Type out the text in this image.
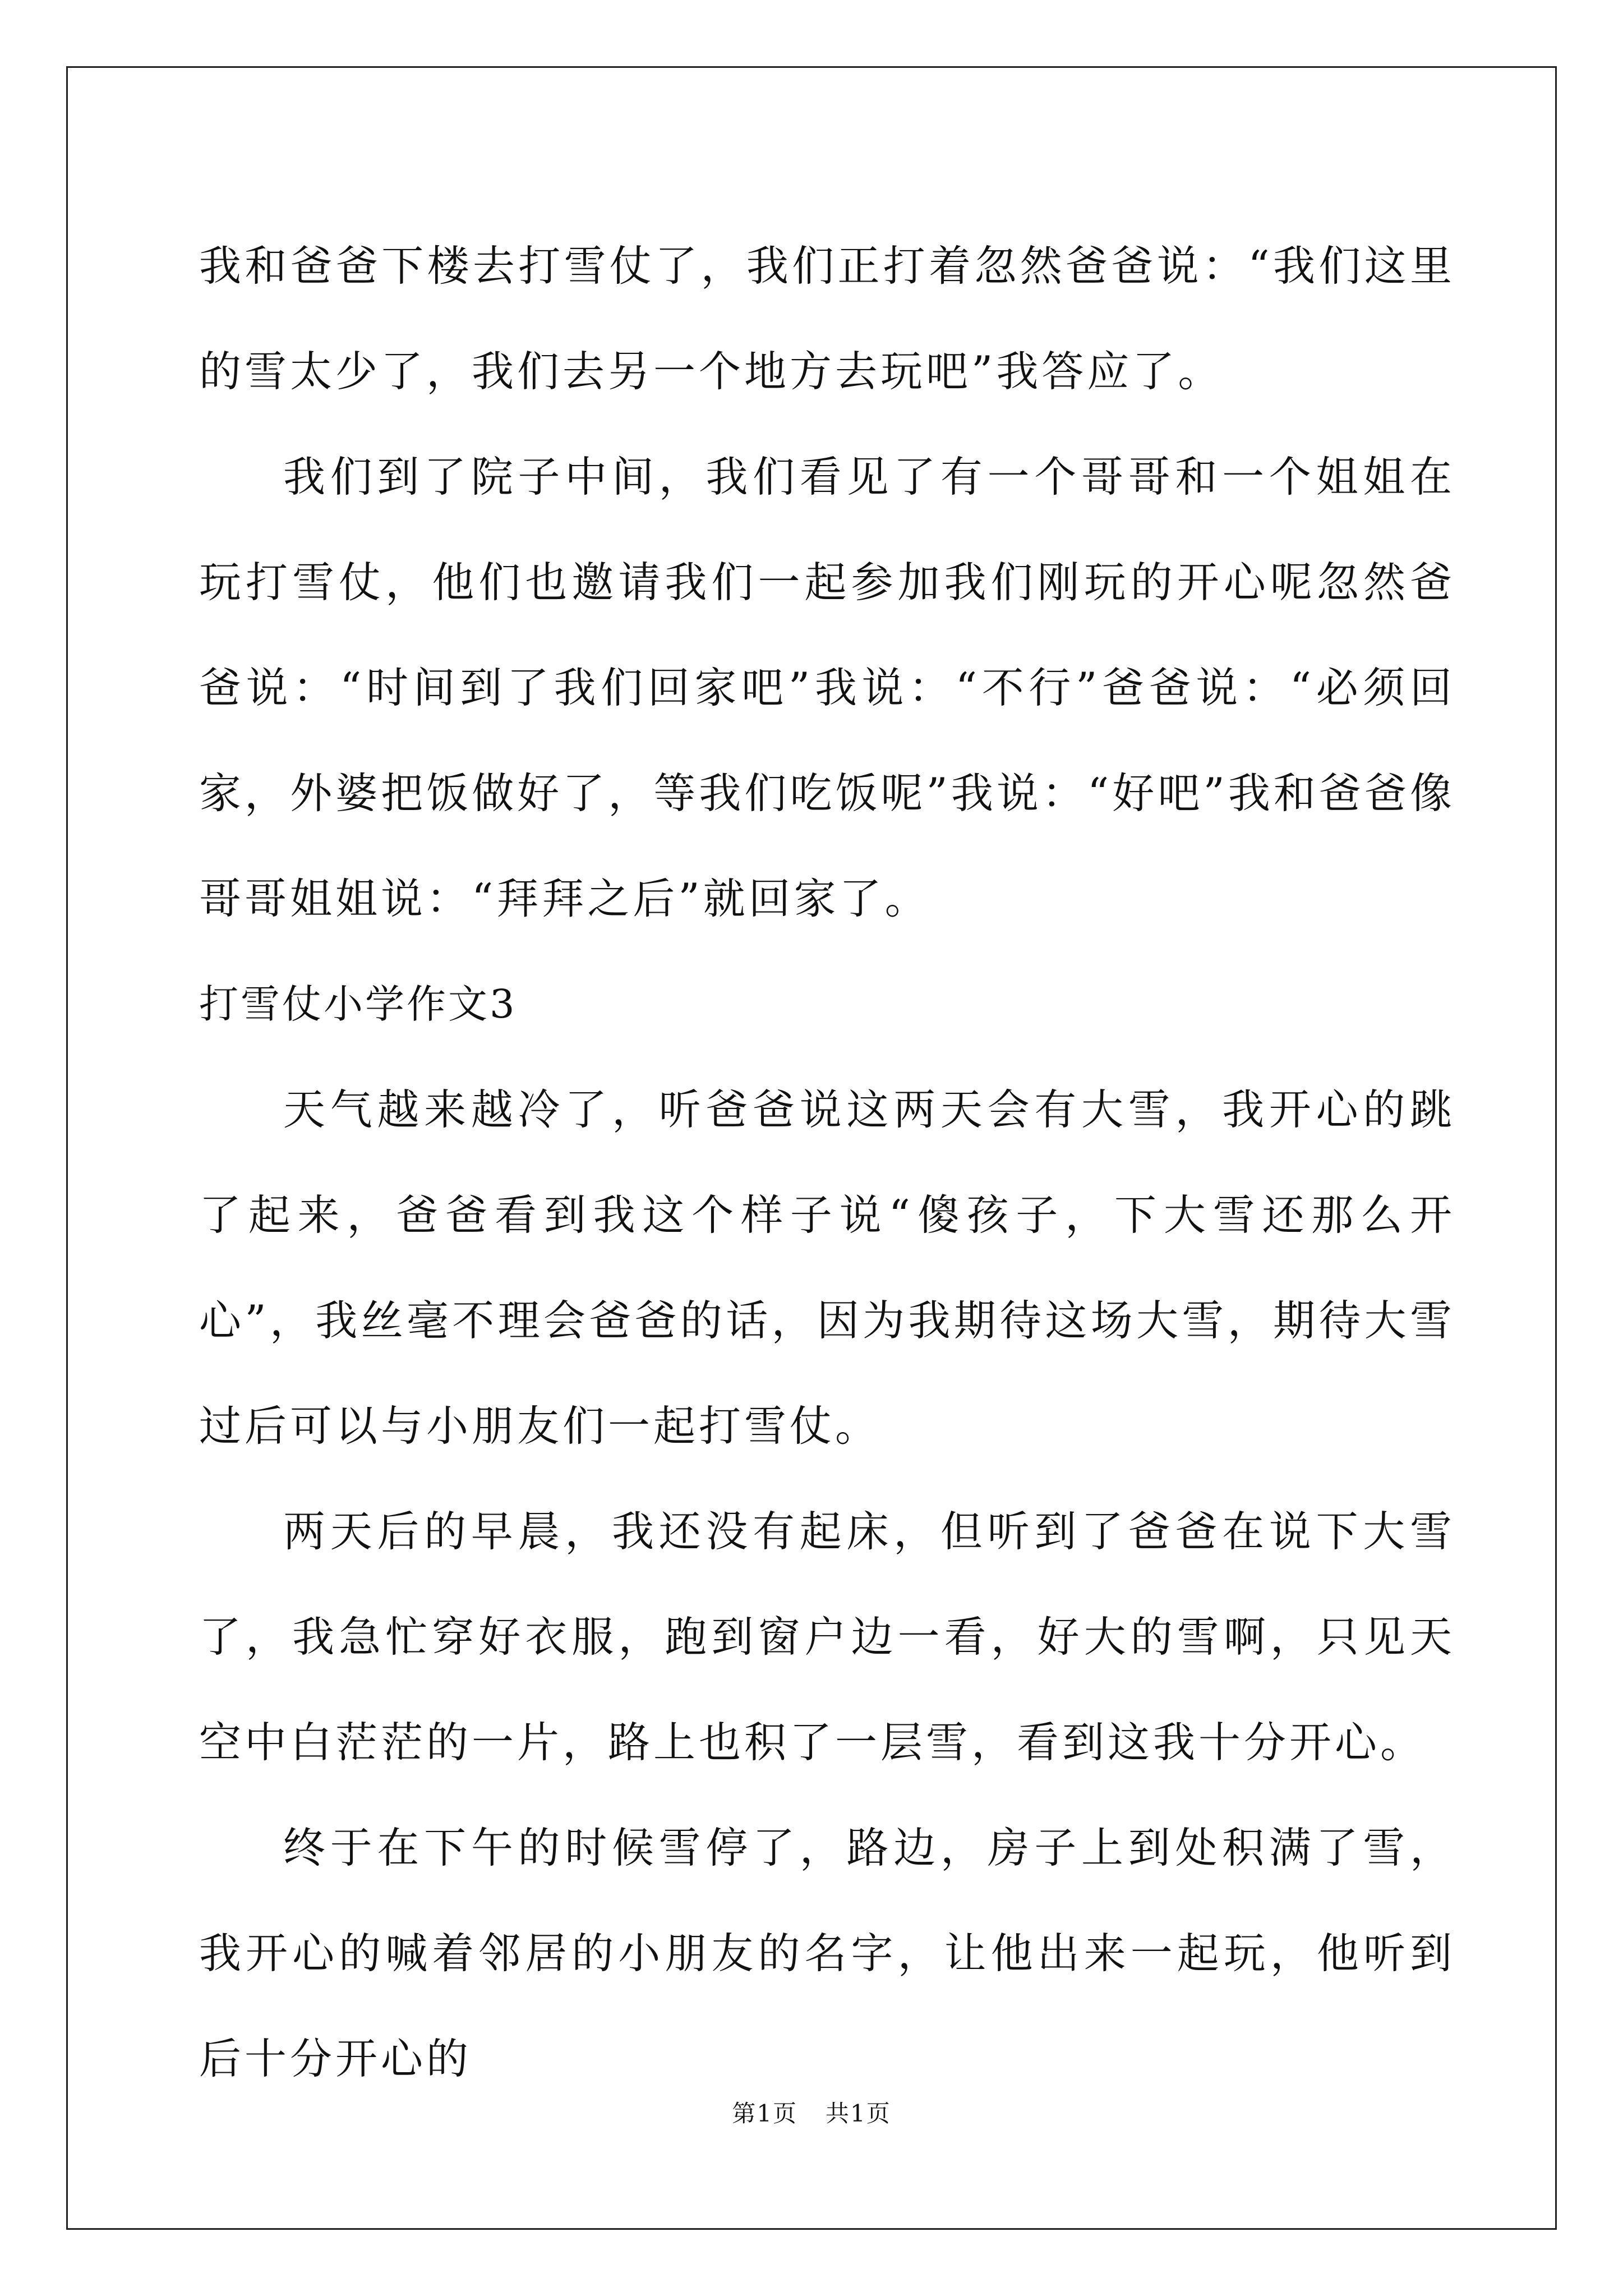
我和爸爸下楼去打雪仗了，我们正打着忽然爸爸说：“我们这里的雪太少了，我们去另一个地方去玩吧”我答应了。

我们到了院子中间，我们看见了有一个哥哥和一个姐姐在玩打雪仗，他们也邀请我们一起参加我们刚玩的开心呢忽然爸爸说：“时间到了我们回家吧”我说：“不行”爸爸说：“必须回家，外婆把饭做好了，等我们吃饭呢”我说：“好吧”我和爸爸像哥哥姐姐说：“拜拜之后”就回家了。

打雪仗小学作文3

天气越来越冷了，听爸爸说这两天会有大雪，我开心的跳了起来，爸爸看到我这个样子说“傻孩子，下大雪还那么开心”，我丝毫不理会爸爸的话，因为我期待这场大雪，期待大雪过后可以与小朋友们一起打雪仗。

两天后的早晨，我还没有起床，但听到了爸爸在说下大雪了，我急忙穿好衣服，跑到窗户边一看，好大的雪啊，只见天空中白茫茫的一片，路上也积了一层雪，看到这我十分开心。

终于在下午的时候雪停了，路边，房子上到处积满了雪，我开心的喊着邻居的小朋友的名字，让他出来一起玩，他听到后十分开心的

第1页 共1页
